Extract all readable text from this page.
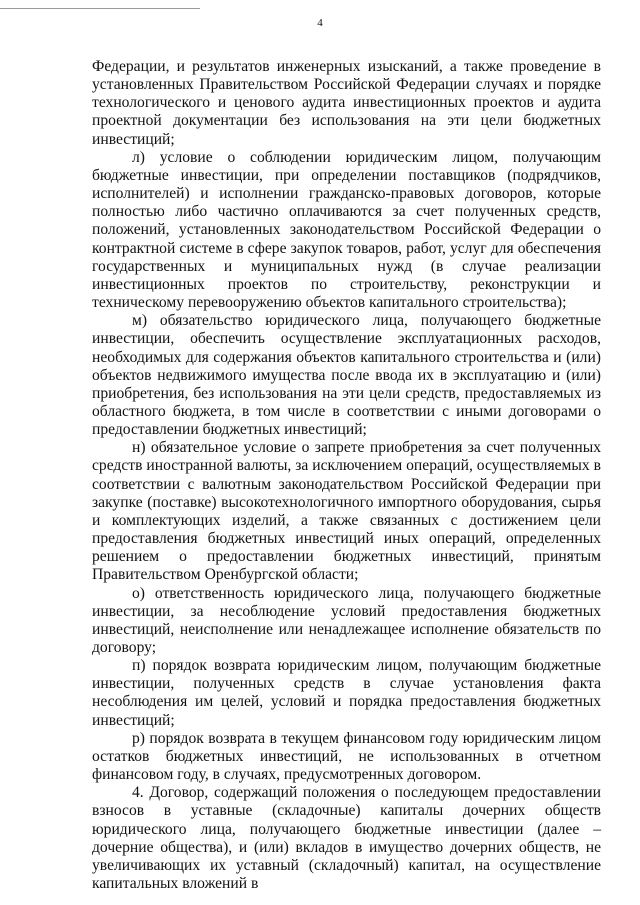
4

Федерации, и результатов инженерных изысканий, а также проведение в установленных Правительством Российской Федерации случаях и порядке технологического и ценового аудита инвестиционных проектов и аудита проектной документации без использования на эти цели бюджетных инвестиций;

л) условие о соблюдении юридическим лицом, получающим бюджетные инвестиции, при определении поставщиков (подрядчиков, исполнителей) и исполнении гражданско-правовых договоров, которые полностью либо частично оплачиваются за счет полученных средств, положений, установленных законодательством Российской Федерации о контрактной системе в сфере закупок товаров, работ, услуг для обеспечения государственных и муниципальных нужд (в случае реализации инвестиционных проектов по строительству, реконструкции и техническому перевооружению объектов капитального строительства);

м) обязательство юридического лица, получающего бюджетные инвестиции, обеспечить осуществление эксплуатационных расходов, необходимых для содержания объектов капитального строительства и (или) объектов недвижимого имущества после ввода их в эксплуатацию и (или) приобретения, без использования на эти цели средств, предоставляемых из областного бюджета, в том числе в соответствии с иными договорами о предоставлении бюджетных инвестиций;

н) обязательное условие о запрете приобретения за счет полученных средств иностранной валюты, за исключением операций, осуществляемых в соответствии с валютным законодательством Российской Федерации при закупке (поставке) высокотехнологичного импортного оборудования, сырья и комплектующих изделий, а также связанных с достижением цели предоставления бюджетных инвестиций иных операций, определенных решением о предоставлении бюджетных инвестиций, принятым Правительством Оренбургской области;

о) ответственность юридического лица, получающего бюджетные инвестиции, за несоблюдение условий предоставления бюджетных инвестиций, неисполнение или ненадлежащее исполнение обязательств по договору;

п) порядок возврата юридическим лицом, получающим бюджетные инвестиции, полученных средств в случае установления факта несоблюдения им целей, условий и порядка предоставления бюджетных инвестиций;

р) порядок возврата в текущем финансовом году юридическим лицом остатков бюджетных инвестиций, не использованных в отчетном финансовом году, в случаях, предусмотренных договором.

4. Договор, содержащий положения о последующем предоставлении взносов в уставные (складочные) капиталы дочерних обществ юридического лица, получающего бюджетные инвестиции (далее – дочерние общества), и (или) вкладов в имущество дочерних обществ, не увеличивающих их уставный (складочный) капитал, на осуществление капитальных вложений в
